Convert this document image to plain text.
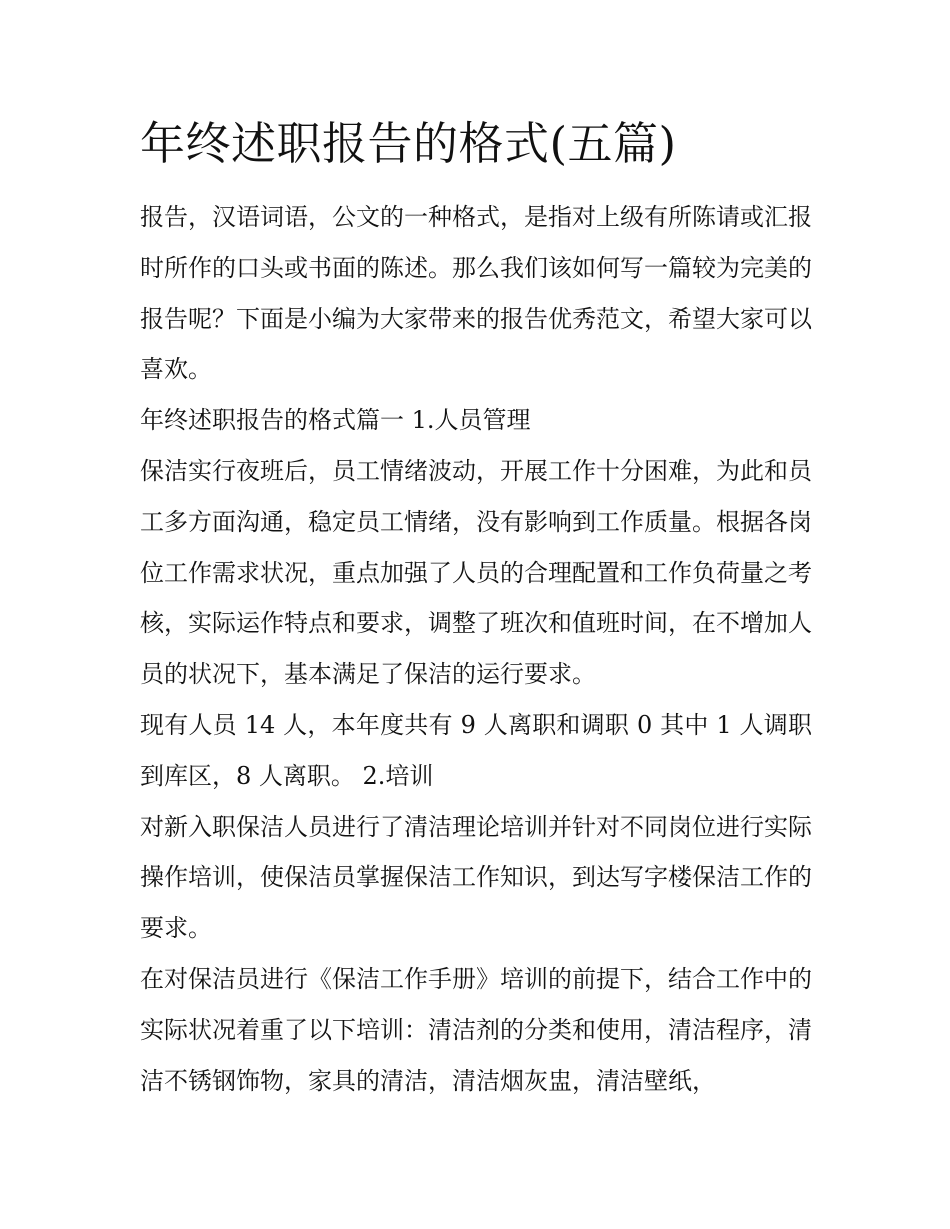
年终述职报告的格式(五篇)

报告，汉语词语，公文的一种格式，是指对上级有所陈请或汇报时所作的口头或书面的陈述。那么我们该如何写一篇较为完美的报告呢？下面是小编为大家带来的报告优秀范文，希望大家可以喜欢。

年终述职报告的格式篇一 1.人员管理

保洁实行夜班后，员工情绪波动，开展工作十分困难，为此和员工多方面沟通，稳定员工情绪，没有影响到工作质量。根据各岗位工作需求状况，重点加强了人员的合理配置和工作负荷量之考核，实际运作特点和要求，调整了班次和值班时间，在不增加人员的状况下，基本满足了保洁的运行要求。

现有人员 14 人，本年度共有 9 人离职和调职 0 其中 1 人调职到库区，8 人离职。 2.培训

对新入职保洁人员进行了清洁理论培训并针对不同岗位进行实际操作培训，使保洁员掌握保洁工作知识，到达写字楼保洁工作的要求。

在对保洁员进行《保洁工作手册》培训的前提下，结合工作中的实际状况着重了以下培训：清洁剂的分类和使用，清洁程序，清洁不锈钢饰物，家具的清洁，清洁烟灰盅，清洁壁纸，
